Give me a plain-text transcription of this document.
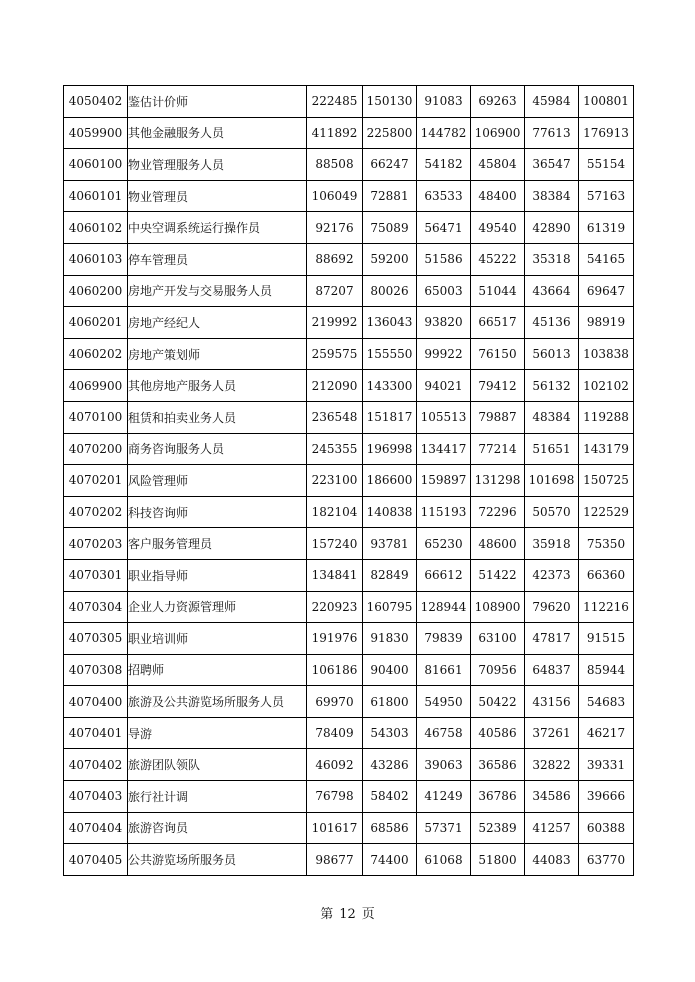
4050402	鉴估计价师	222485	150130	91083	69263	45984	100801
4059900	其他金融服务人员	411892	225800	144782	106900	77613	176913
4060100	物业管理服务人员	88508	66247	54182	45804	36547	55154
4060101	物业管理员	106049	72881	63533	48400	38384	57163
4060102	中央空调系统运行操作员	92176	75089	56471	49540	42890	61319
4060103	停车管理员	88692	59200	51586	45222	35318	54165
4060200	房地产开发与交易服务人员	87207	80026	65003	51044	43664	69647
4060201	房地产经纪人	219992	136043	93820	66517	45136	98919
4060202	房地产策划师	259575	155550	99922	76150	56013	103838
4069900	其他房地产服务人员	212090	143300	94021	79412	56132	102102
4070100	租赁和拍卖业务人员	236548	151817	105513	79887	48384	119288
4070200	商务咨询服务人员	245355	196998	134417	77214	51651	143179
4070201	风险管理师	223100	186600	159897	131298	101698	150725
4070202	科技咨询师	182104	140838	115193	72296	50570	122529
4070203	客户服务管理员	157240	93781	65230	48600	35918	75350
4070301	职业指导师	134841	82849	66612	51422	42373	66360
4070304	企业人力资源管理师	220923	160795	128944	108900	79620	112216
4070305	职业培训师	191976	91830	79839	63100	47817	91515
4070308	招聘师	106186	90400	81661	70956	64837	85944
4070400	旅游及公共游览场所服务人员	69970	61800	54950	50422	43156	54683
4070401	导游	78409	54303	46758	40586	37261	46217
4070402	旅游团队领队	46092	43286	39063	36586	32822	39331
4070403	旅行社计调	76798	58402	41249	36786	34586	39666
4070404	旅游咨询员	101617	68586	57371	52389	41257	60388
4070405	公共游览场所服务员	98677	74400	61068	51800	44083	63770
第 12 页
